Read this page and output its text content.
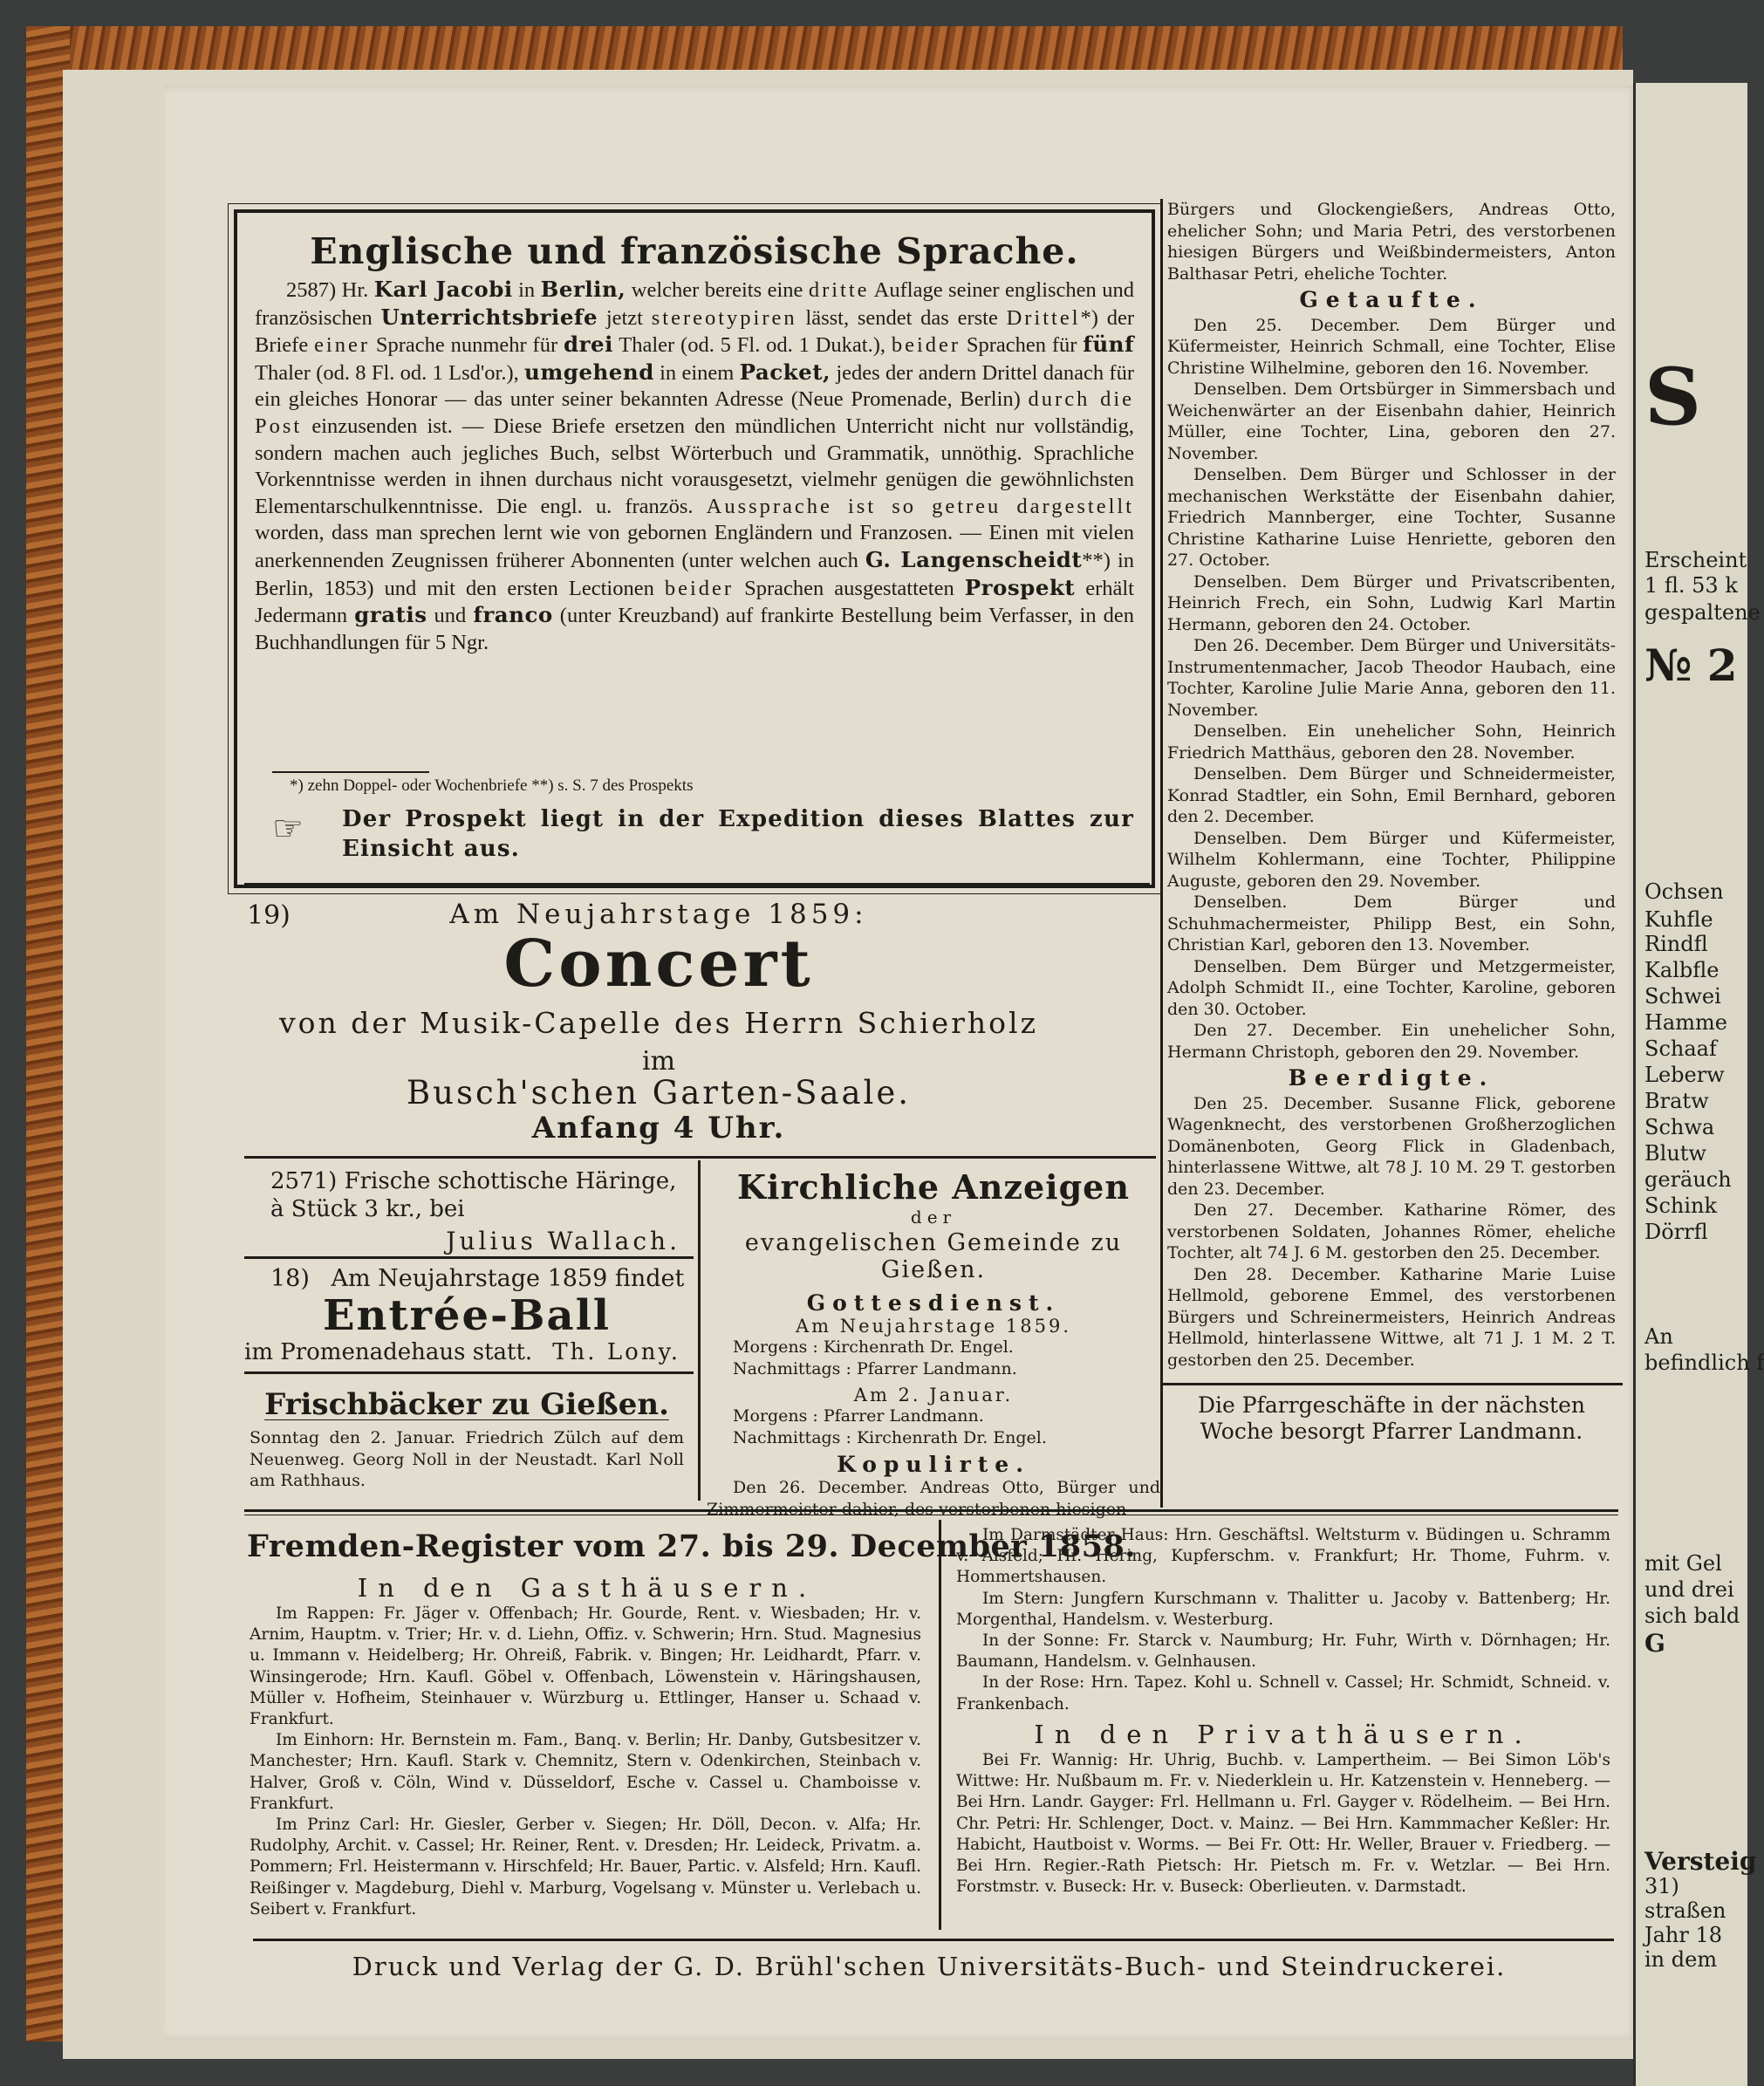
Englische und französische Sprache.
2587) Hr. Karl Jacobi in Berlin, welcher bereits eine dritte Auflage seiner englischen und französischen Unterrichtsbriefe jetzt stereotypiren lässt, sendet das erste Drittel*) der Briefe einer Sprache nunmehr für drei Thaler (od. 5 Fl. od. 1 Dukat.), beider Sprachen für fünf Thaler (od. 8 Fl. od. 1 Lsd'or.), umgehend in einem Packet, jedes der andern Drittel danach für ein gleiches Honorar — das unter seiner bekannten Adresse (Neue Promenade, Berlin) durch die Post einzusenden ist. — Diese Briefe ersetzen den mündlichen Unterricht nicht nur vollständig, sondern machen auch jegliches Buch, selbst Wörterbuch und Grammatik, unnöthig. Sprachliche Vorkenntnisse werden in ihnen durchaus nicht vorausgesetzt, vielmehr genügen die gewöhnlichsten Elementarschulkenntnisse. Die engl. u. französ. Aussprache ist so getreu dargestellt worden, dass man sprechen lernt wie von gebornen Engländern und Franzosen. — Einen mit vielen anerkennenden Zeugnissen früherer Abonnenten (unter welchen auch G. Langenscheidt**) in Berlin, 1853) und mit den ersten Lectionen beider Sprachen ausgestatteten Prospekt erhält Jedermann gratis und franco (unter Kreuzband) auf frankirte Bestellung beim Verfasser, in den Buchhandlungen für 5 Ngr.
*) zehn Doppel- oder Wochenbriefe **) s. S. 7 des Prospekts
☞ Der Prospekt liegt in der Expedition dieses Blattes zur Einsicht aus.
19)	Am Neujahrstage 1859:
Concert
von der Musik-Capelle des Herrn Schierholz
im
Busch'schen Garten-Saale.
Anfang 4 Uhr.
2571) Frische schottische Häringe, à Stück 3 kr., bei
Julius Wallach.
18) Am Neujahrstage 1859 findet
Entrée-Ball
im Promenadehaus statt. Th. Lony.
Frischbäcker zu Gießen.
Sonntag den 2. Januar. Friedrich Zülch auf dem Neuenweg. Georg Noll in der Neustadt. Karl Noll am Rathhaus.
Kirchliche Anzeigen
der
evangelischen Gemeinde zu Gießen.
Gottesdienst.
Am Neujahrstage 1859.
Morgens : Kirchenrath Dr. Engel.
Nachmittags : Pfarrer Landmann.
Am 2. Januar.
Morgens : Pfarrer Landmann.
Nachmittags : Kirchenrath Dr. Engel.
Kopulirte.
Den 26. December. Andreas Otto, Bürger und Zimmermeister dahier, des verstorbenen hiesigen

Bürgers und Glockengießers, Andreas Otto, ehelicher Sohn; und Maria Petri, des verstorbenen hiesigen Bürgers und Weißbindermeisters, Anton Balthasar Petri, eheliche Tochter.

Getaufte.

Den 25. December. Dem Bürger und Küfermeister, Heinrich Schmall, eine Tochter, Elise Christine Wilhelmine, geboren den 16. November.

Denselben. Dem Ortsbürger in Simmersbach und Weichenwärter an der Eisenbahn dahier, Heinrich Müller, eine Tochter, Lina, geboren den 27. November.

Denselben. Dem Bürger und Schlosser in der mechanischen Werkstätte der Eisenbahn dahier, Friedrich Mannberger, eine Tochter, Susanne Christine Katharine Luise Henriette, geboren den 27. October.

Denselben. Dem Bürger und Privatscribenten, Heinrich Frech, ein Sohn, Ludwig Karl Martin Hermann, geboren den 24. October.

Den 26. December. Dem Bürger und Universitäts-Instrumentenmacher, Jacob Theodor Haubach, eine Tochter, Karoline Julie Marie Anna, geboren den 11. November.

Denselben. Ein unehelicher Sohn, Heinrich Friedrich Matthäus, geboren den 28. November.

Denselben. Dem Bürger und Schneidermeister, Konrad Stadtler, ein Sohn, Emil Bernhard, geboren den 2. December.

Denselben. Dem Bürger und Küfermeister, Wilhelm Kohlermann, eine Tochter, Philippine Auguste, geboren den 29. November.

Denselben. Dem Bürger und Schuhmachermeister, Philipp Best, ein Sohn, Christian Karl, geboren den 13. November.

Denselben. Dem Bürger und Metzgermeister, Adolph Schmidt II., eine Tochter, Karoline, geboren den 30. October.

Den 27. December. Ein unehelicher Sohn, Hermann Christoph, geboren den 29. November.

Beerdigte.

Den 25. December. Susanne Flick, geborene Wagenknecht, des verstorbenen Großherzoglichen Domänenboten, Georg Flick in Gladenbach, hinterlassene Wittwe, alt 78 J. 10 M. 29 T. gestorben den 23. December.

Den 27. December. Katharine Römer, des verstorbenen Soldaten, Johannes Römer, eheliche Tochter, alt 74 J. 6 M. gestorben den 25. December.

Den 28. December. Katharine Marie Luise Hellmold, geborene Emmel, des verstorbenen Bürgers und Schreinermeisters, Heinrich Andreas Hellmold, hinterlassene Wittwe, alt 71 J. 1 M. 2 T. gestorben den 25. December.

Die Pfarrgeschäfte in der nächsten Woche besorgt Pfarrer Landmann.
Fremden-Register vom 27. bis 29. December 1858.
In den Gasthäusern.

Im Rappen: Fr. Jäger v. Offenbach; Hr. Gourde, Rent. v. Wiesbaden; Hr. v. Arnim, Hauptm. v. Trier; Hr. v. d. Liehn, Offiz. v. Schwerin; Hrn. Stud. Magnesius u. Immann v. Heidelberg; Hr. Ohreiß, Fabrik. v. Bingen; Hr. Leidhardt, Pfarr. v. Winsingerode; Hrn. Kaufl. Göbel v. Offenbach, Löwenstein v. Häringshausen, Müller v. Hofheim, Steinhauer v. Würzburg u. Ettlinger, Hanser u. Schaad v. Frankfurt.

Im Einhorn: Hr. Bernstein m. Fam., Banq. v. Berlin; Hr. Danby, Gutsbesitzer v. Manchester; Hrn. Kaufl. Stark v. Chemnitz, Stern v. Odenkirchen, Steinbach v. Halver, Groß v. Cöln, Wind v. Düsseldorf, Esche v. Cassel u. Chamboisse v. Frankfurt.

Im Prinz Carl: Hr. Giesler, Gerber v. Siegen; Hr. Döll, Decon. v. Alfa; Hr. Rudolphy, Archit. v. Cassel; Hr. Reiner, Rent. v. Dresden; Hr. Leideck, Privatm. a. Pommern; Frl. Heistermann v. Hirschfeld; Hr. Bauer, Partic. v. Alsfeld; Hrn. Kaufl. Reißinger v. Magdeburg, Diehl v. Marburg, Vogelsang v. Münster u. Verlebach u. Seibert v. Frankfurt.

Im Darmstädter Haus: Hrn. Geschäftsl. Weltsturm v. Büdingen u. Schramm v. Alsfeld; Hr. Hering, Kupferschm. v. Frankfurt; Hr. Thome, Fuhrm. v. Hommertshausen.

Im Stern: Jungfern Kurschmann v. Thalitter u. Jacoby v. Battenberg; Hr. Morgenthal, Handelsm. v. Westerburg.

In der Sonne: Fr. Starck v. Naumburg; Hr. Fuhr, Wirth v. Dörnhagen; Hr. Baumann, Handelsm. v. Gelnhausen.

In der Rose: Hrn. Tapez. Kohl u. Schnell v. Cassel; Hr. Schmidt, Schneid. v. Frankenbach.

In den Privathäusern.

Bei Fr. Wannig: Hr. Uhrig, Buchb. v. Lampertheim. — Bei Simon Löb's Wittwe: Hr. Nußbaum m. Fr. v. Niederklein u. Hr. Katzenstein v. Henneberg. — Bei Hrn. Landr. Gayger: Frl. Hellmann u. Frl. Gayger v. Rödelheim. — Bei Hrn. Chr. Petri: Hr. Schlenger, Doct. v. Mainz. — Bei Hrn. Kammmacher Keßler: Hr. Habicht, Hautboist v. Worms. — Bei Fr. Ott: Hr. Weller, Brauer v. Friedberg. — Bei Hrn. Regier.-Rath Pietsch: Hr. Pietsch m. Fr. v. Wetzlar. — Bei Hrn. Forstmstr. v. Buseck: Hr. v. Buseck: Oberlieuten. v. Darmstadt.

Druck und Verlag der G. D. Brühl'schen Universitäts-Buch- und Steindruckerei.
S
Erscheint
1 fl. 53 k
gespaltene
№ 2
Ochsen
Kuhfle
Rindfl
Kalbfle
Schwei
Hamme
Schaaf
Leberw
Bratw
Schwa
Blutw
geräuch
Schink
Dörrfl
An
befindlich f
mit Gel
und drei
sich bald
G
Versteig
31)
straßen
Jahr 18
in dem
